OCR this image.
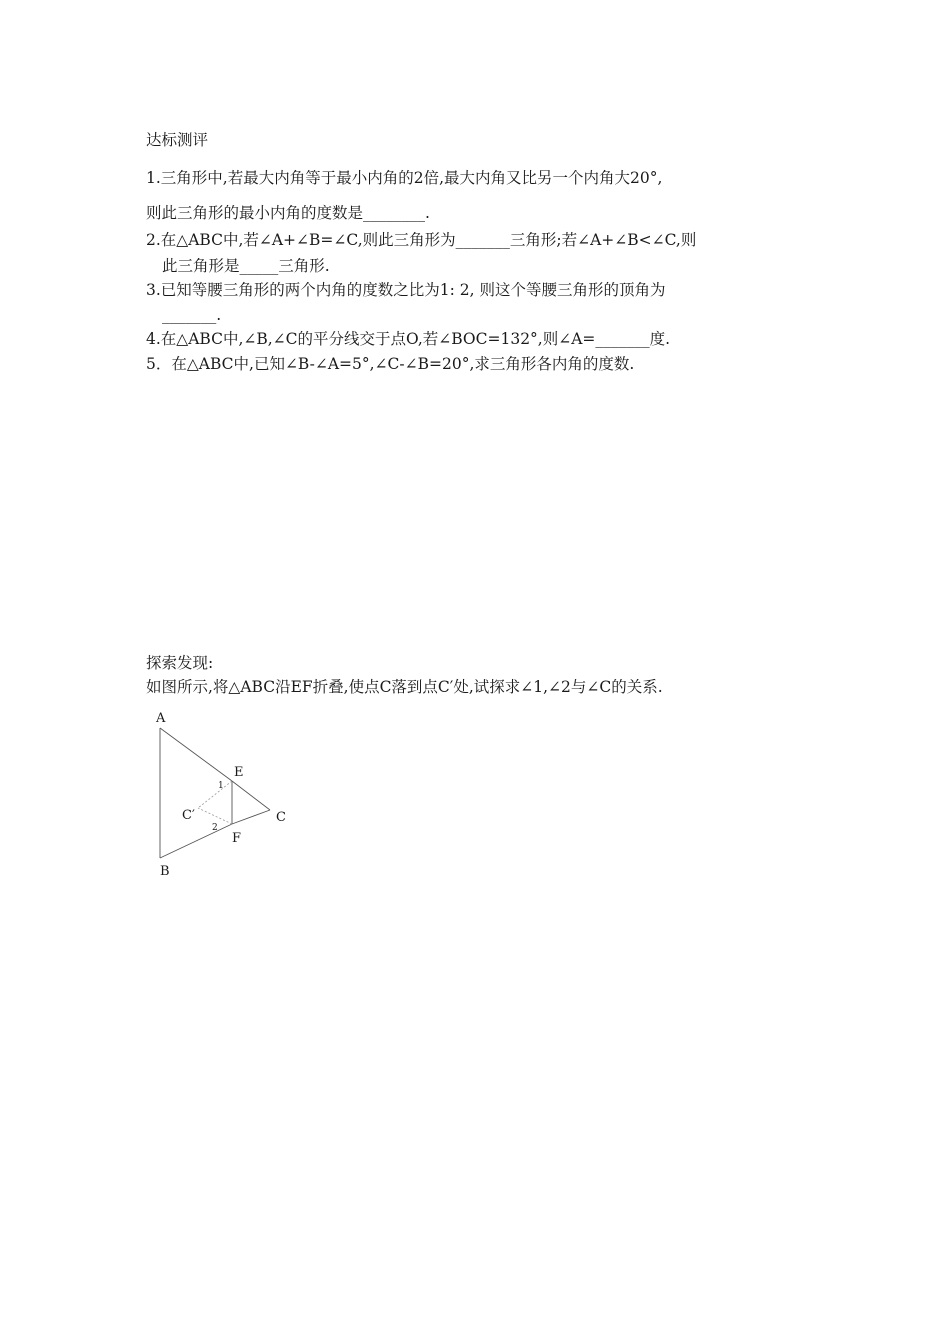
达标测评
1.三角形中,若最大内角等于最小内角的2倍,最大内角又比另一个内角大20°,
则此三角形的最小内角的度数是________.
2.在△ABC中,若∠A+∠B=∠C,则此三角形为_______三角形;若∠A+∠B<∠C,则
此三角形是_____三角形.
3.已知等腰三角形的两个内角的度数之比为1: 2, 则这个等腰三角形的顶角为
_______.
4.在△ABC中,∠B,∠C的平分线交于点O,若∠BOC=132°,则∠A=_______度.
5．在△ABC中,已知∠B-∠A=5°,∠C-∠B=20°,求三角形各内角的度数.
探索发现:
如图所示,将△ABC沿EF折叠,使点C落到点C′处,试探求∠1,∠2与∠C的关系.
A
B
C
C′
E
F
1
2
